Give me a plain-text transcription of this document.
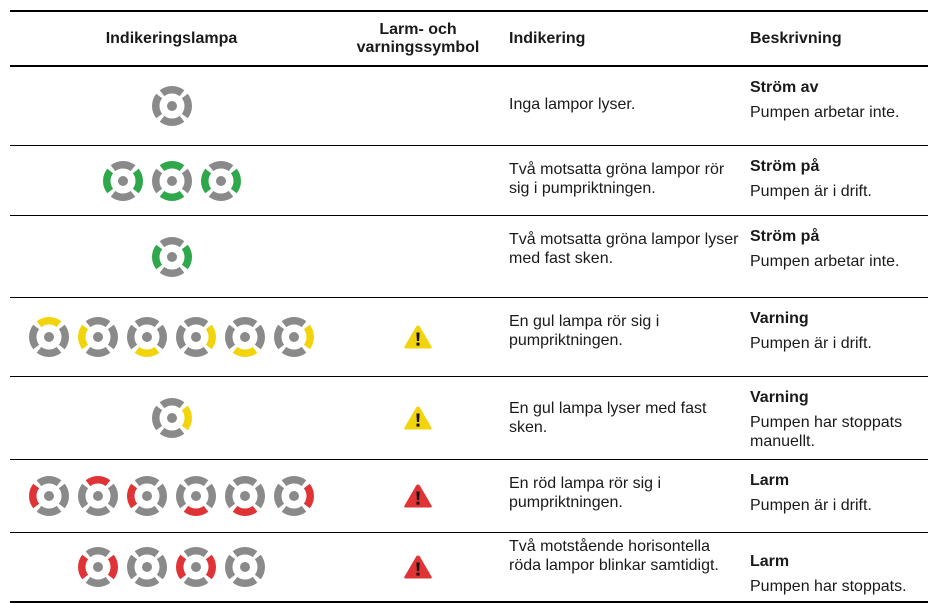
Indikeringslampa
Larm- och
varningssymbol
Indikering	Beskrivning
Inga lampor lyser.
Ström av
Pumpen arbetar inte.
Två motsatta gröna lampor rör sig i pumpriktningen.
Ström på
Pumpen är i drift.
Två motsatta gröna lampor lyser med fast sken.
Ström på
Pumpen arbetar inte.
En gul lampa rör sig i pumpriktningen.
Varning
Pumpen är i drift.
En gul lampa lyser med fast sken.
Varning
Pumpen har stoppats manuellt.
En röd lampa rör sig i pumpriktningen.
Larm
Pumpen är i drift.
Två motstående horisontella röda lampor blinkar samtidigt.	Larm
Pumpen har stoppats.
